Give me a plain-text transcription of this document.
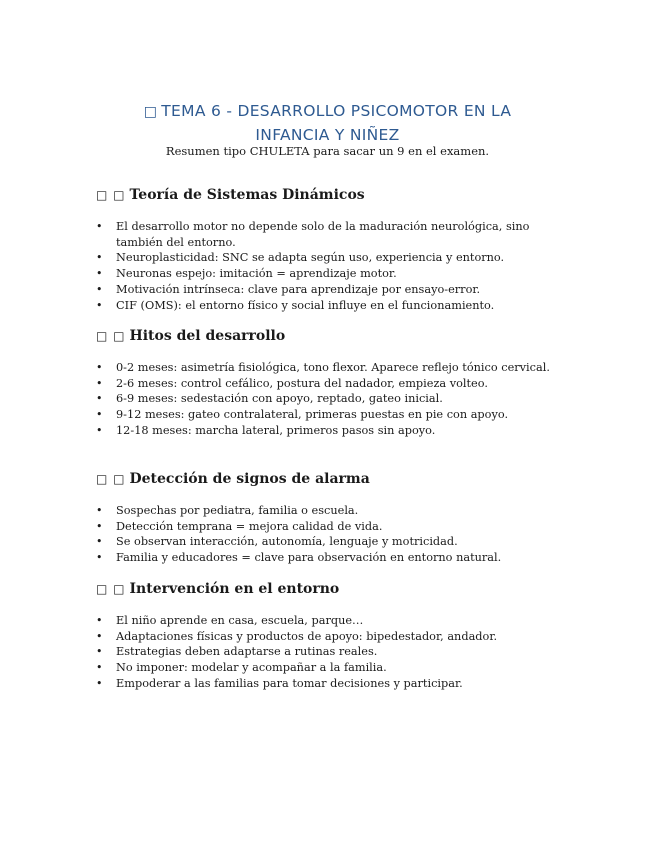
□ TEMA 6 - DESARROLLO PSICOMOTOR EN LA
INFANCIA Y NIÑEZ
Resumen tipo CHULETA para sacar un 9 en el examen.
□ □ Teoría de Sistemas Dinámicos
• El desarrollo motor no depende solo de la maduración neurológica, sino también del entorno.
• Neuroplasticidad: SNC se adapta según uso, experiencia y entorno.
• Neuronas espejo: imitación = aprendizaje motor.
• Motivación intrínseca: clave para aprendizaje por ensayo-error.
• CIF (OMS): el entorno físico y social influye en el funcionamiento.
□ □ Hitos del desarrollo
• 0-2 meses: asimetría fisiológica, tono flexor. Aparece reflejo tónico cervical.
• 2-6 meses: control cefálico, postura del nadador, empieza volteo.
• 6-9 meses: sedestación con apoyo, reptado, gateo inicial.
• 9-12 meses: gateo contralateral, primeras puestas en pie con apoyo.
• 12-18 meses: marcha lateral, primeros pasos sin apoyo.
□ □ Detección de signos de alarma
• Sospechas por pediatra, familia o escuela.
• Detección temprana = mejora calidad de vida.
• Se observan interacción, autonomía, lenguaje y motricidad.
• Familia y educadores = clave para observación en entorno natural.
□ □ Intervención en el entorno
• El niño aprende en casa, escuela, parque…
• Adaptaciones físicas y productos de apoyo: bipedestador, andador.
• Estrategias deben adaptarse a rutinas reales.
• No imponer: modelar y acompañar a la familia.
• Empoderar a las familias para tomar decisiones y participar.
